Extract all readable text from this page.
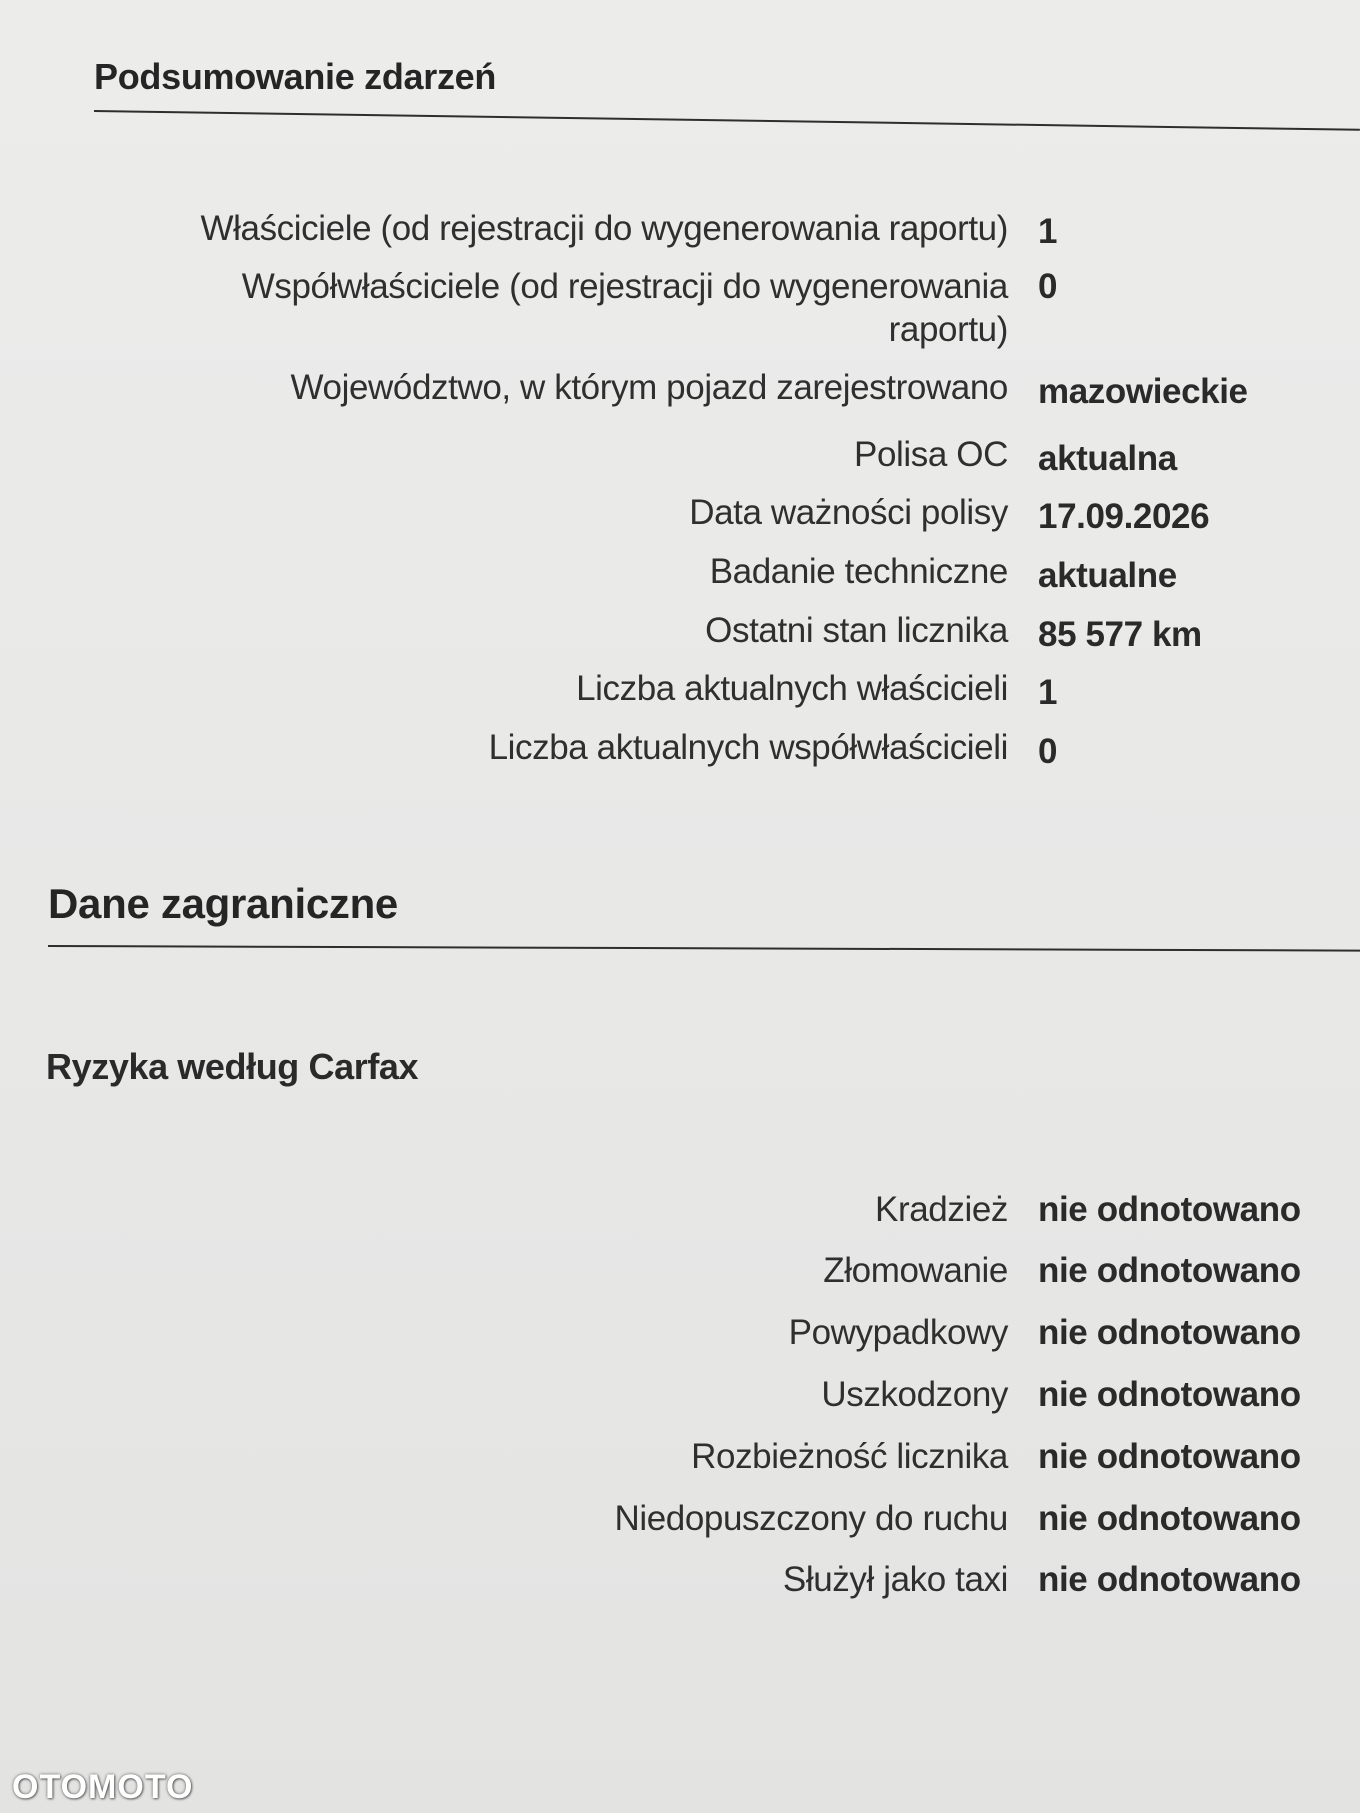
Podsumowanie zdarzeń
Właściciele (od rejestracji do wygenerowania raportu) 1
Współwłaściciele (od rejestracji do wygenerowania raportu)
0
Województwo, w którym pojazd zarejestrowano mazowieckie
Polisa OC aktualna
Data ważności polisy 17.09.2026
Badanie techniczne aktualne
Ostatni stan licznika 85 577 km
Liczba aktualnych właścicieli 1
Liczba aktualnych współwłaścicieli 0
Dane zagraniczne
Ryzyka według Carfax
Kradzież nie odnotowano
Złomowanie nie odnotowano
Powypadkowy nie odnotowano
Uszkodzony nie odnotowano
Rozbieżność licznika nie odnotowano
Niedopuszczony do ruchu nie odnotowano
Służył jako taxi nie odnotowano
OTOMOTO
